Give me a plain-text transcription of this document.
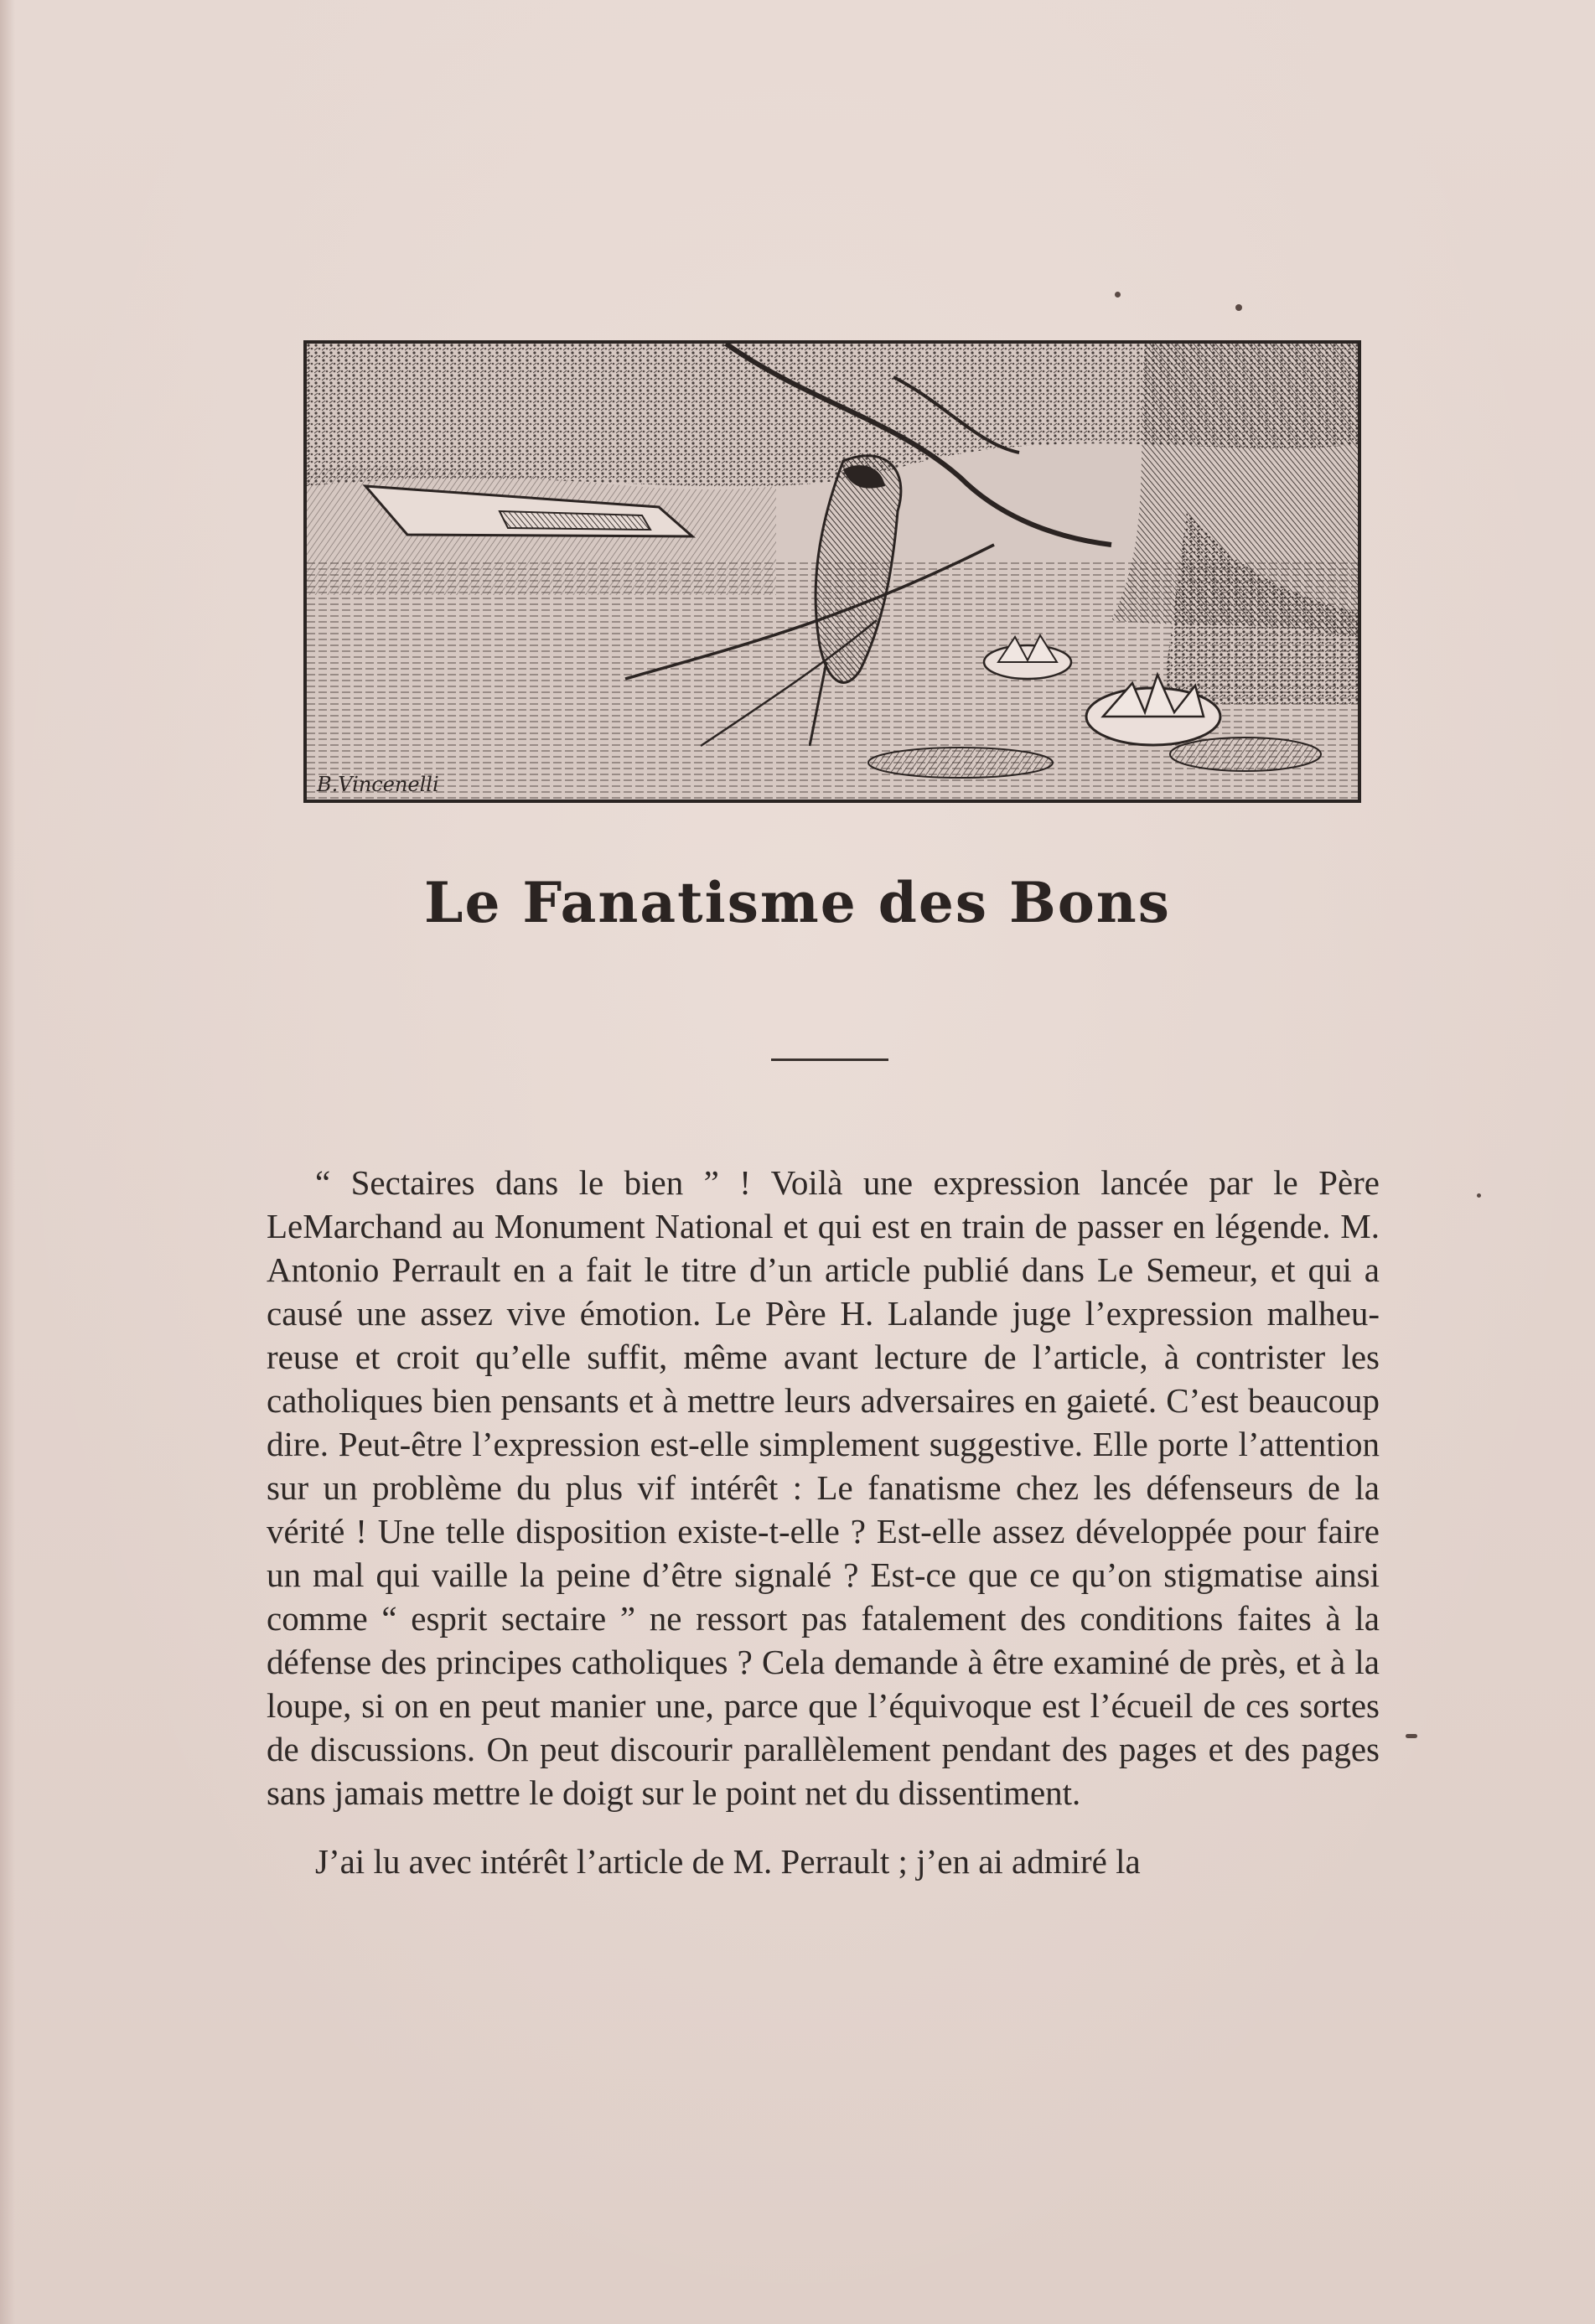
B.Vincenelli
Le Fanatisme des Bons

“ Sectaires dans le bien ” ! Voilà une expression lancée par le Père LeMarchand au Monument National et qui est en train de passer en légende. M. Antonio Perrault en a fait le titre d’un article publié dans Le Semeur, et qui a causé une assez vive émotion. Le Père H. Lalande juge l’expression malheureuse et croit qu’elle suffit, même avant lecture de l’article, à contrister les catholiques bien pensants et à mettre leurs adversaires en gaieté. C’est beaucoup dire. Peut-être l’expression est-elle simplement suggestive. Elle porte l’attention sur un problème du plus vif intérêt : Le fanatisme chez les défenseurs de la vérité ! Une telle disposition existe-t-elle ? Est-elle assez développée pour faire un mal qui vaille la peine d’être signalé ? Est-ce que ce qu’on stigmatise ainsi comme “ esprit sectaire ” ne ressort pas fatalement des conditions faites à la défense des principes catholiques ? Cela demande à être examiné de près, et à la loupe, si on en peut manier une, parce que l’équivoque est l’écueil de ces sortes de discussions. On peut discourir parallèlement pendant des pages et des pages sans jamais mettre le doigt sur le point net du dissentiment.

J’ai lu avec intérêt l’article de M. Perrault ; j’en ai admiré la
